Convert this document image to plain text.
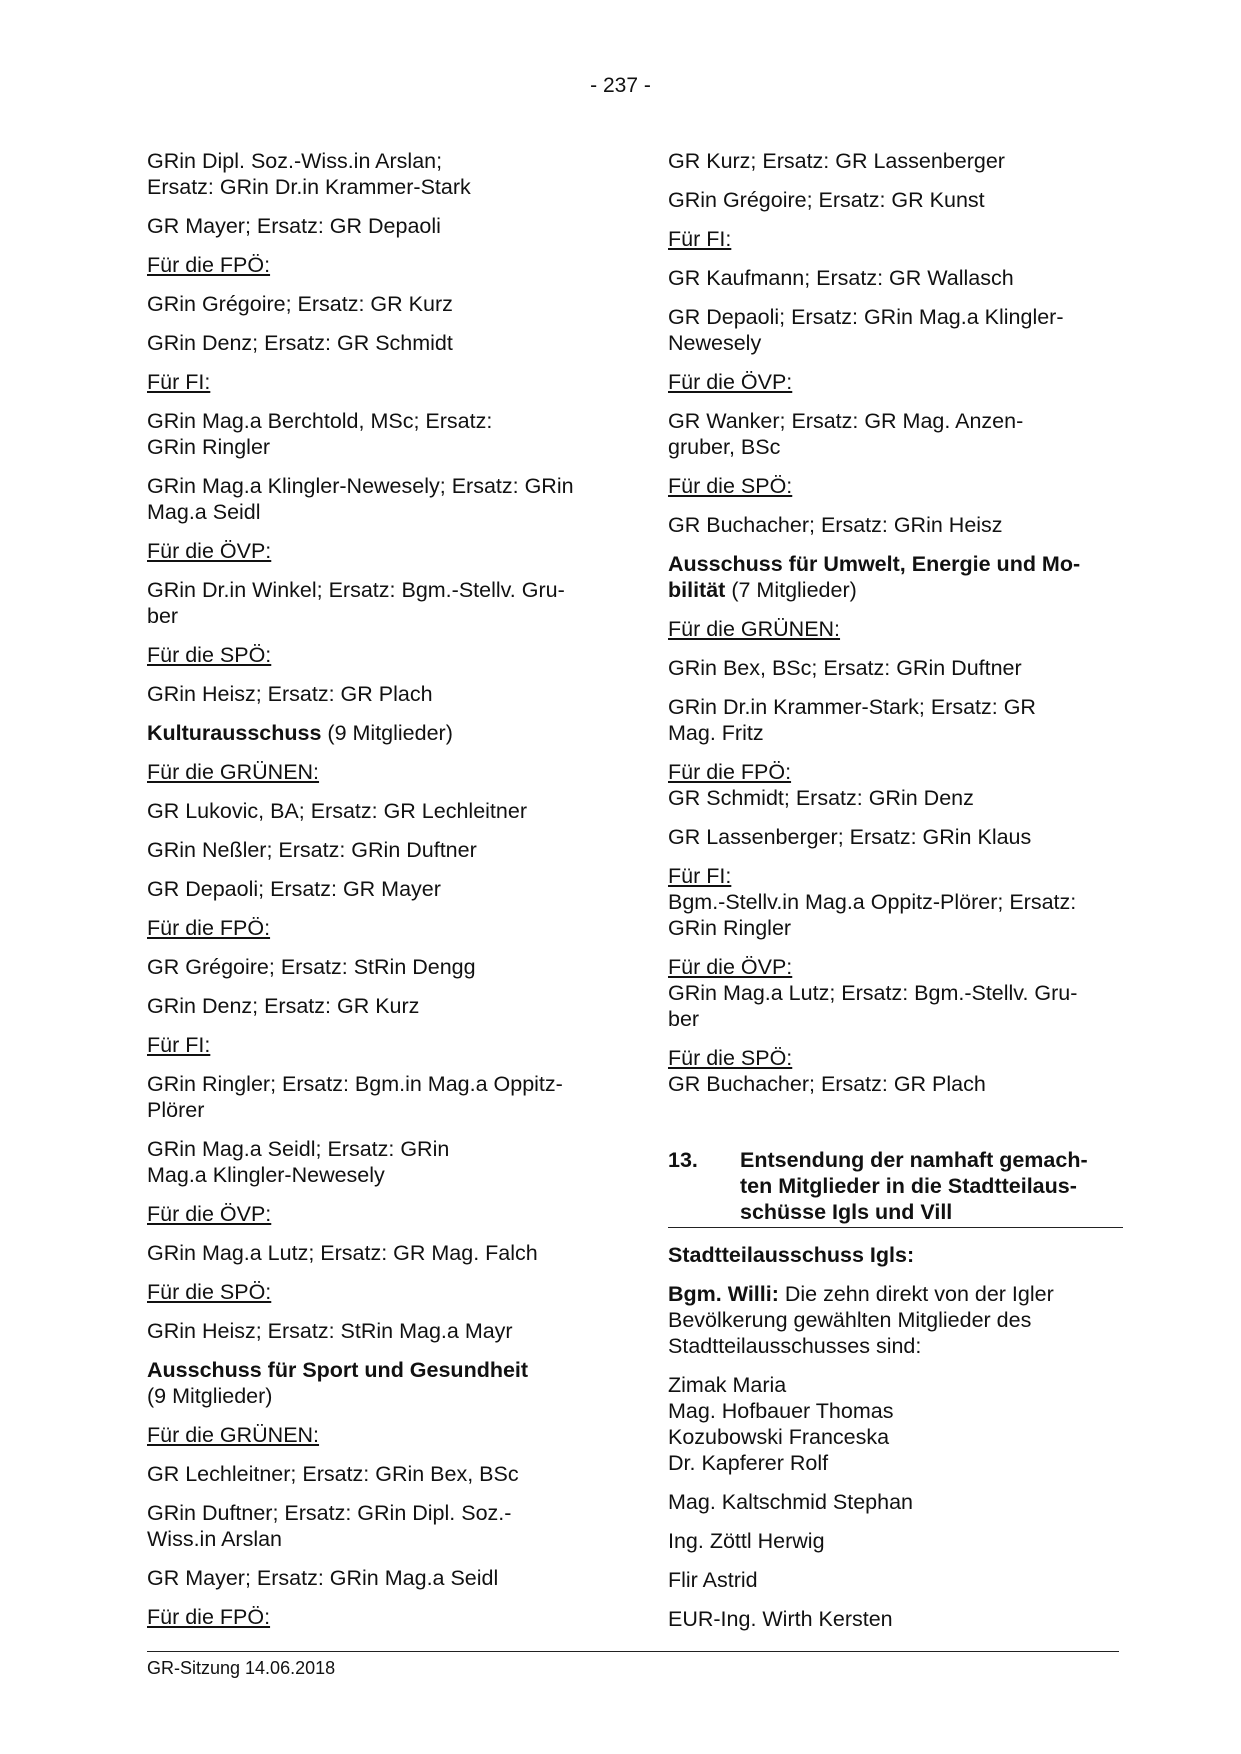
- 237 -

GRin Dipl. Soz.-Wiss.in Arslan;
Ersatz: GRin Dr.in Krammer-Stark

GR Mayer; Ersatz: GR Depaoli

Für die FPÖ:

GRin Grégoire; Ersatz: GR Kurz

GRin Denz; Ersatz: GR Schmidt

Für FI:

GRin Mag.a Berchtold, MSc; Ersatz:
GRin Ringler

GRin Mag.a Klingler-Newesely; Ersatz: GRin
Mag.a Seidl

Für die ÖVP:

GRin Dr.in Winkel; Ersatz: Bgm.-Stellv. Gru-
ber

Für die SPÖ:

GRin Heisz; Ersatz: GR Plach

Kulturausschuss (9 Mitglieder)

Für die GRÜNEN:

GR Lukovic, BA; Ersatz: GR Lechleitner

GRin Neßler; Ersatz: GRin Duftner

GR Depaoli; Ersatz: GR Mayer

Für die FPÖ:

GR Grégoire; Ersatz: StRin Dengg

GRin Denz; Ersatz: GR Kurz

Für FI:

GRin Ringler; Ersatz: Bgm.in Mag.a Oppitz-
Plörer

GRin Mag.a Seidl; Ersatz: GRin
Mag.a Klingler-Newesely

Für die ÖVP:

GRin Mag.a Lutz; Ersatz: GR Mag. Falch

Für die SPÖ:

GRin Heisz; Ersatz: StRin Mag.a Mayr

Ausschuss für Sport und Gesundheit
(9 Mitglieder)

Für die GRÜNEN:

GR Lechleitner; Ersatz: GRin Bex, BSc

GRin Duftner; Ersatz: GRin Dipl. Soz.-
Wiss.in Arslan

GR Mayer; Ersatz: GRin Mag.a Seidl

Für die FPÖ:

GR Kurz; Ersatz: GR Lassenberger

GRin Grégoire; Ersatz: GR Kunst

Für FI:

GR Kaufmann; Ersatz: GR Wallasch

GR Depaoli; Ersatz: GRin Mag.a Klingler-
Newesely

Für die ÖVP:

GR Wanker; Ersatz: GR Mag. Anzen-
gruber, BSc

Für die SPÖ:

GR Buchacher; Ersatz: GRin Heisz

Ausschuss für Umwelt, Energie und Mo-
bilität (7 Mitglieder)

Für die GRÜNEN:

GRin Bex, BSc; Ersatz: GRin Duftner

GRin Dr.in Krammer-Stark; Ersatz: GR
Mag. Fritz

Für die FPÖ:

GR Schmidt; Ersatz: GRin Denz

GR Lassenberger; Ersatz: GRin Klaus

Für FI:

Bgm.-Stellv.in Mag.a Oppitz-Plörer; Ersatz:
GRin Ringler

Für die ÖVP:

GRin Mag.a Lutz; Ersatz: Bgm.-Stellv. Gru-
ber

Für die SPÖ:

GR Buchacher; Ersatz: GR Plach

13.	Entsendung der namhaft gemach-
ten Mitglieder in die Stadtteilaus-
schüsse Igls und Vill

Stadtteilausschuss Igls:

Bgm. Willi: Die zehn direkt von der Igler
Bevölkerung gewählten Mitglieder des
Stadtteilausschusses sind:

Zimak Maria
Mag. Hofbauer Thomas
Kozubowski Franceska
Dr. Kapferer Rolf

Mag. Kaltschmid Stephan

Ing. Zöttl Herwig

Flir Astrid

EUR-Ing. Wirth Kersten

GR-Sitzung 14.06.2018
